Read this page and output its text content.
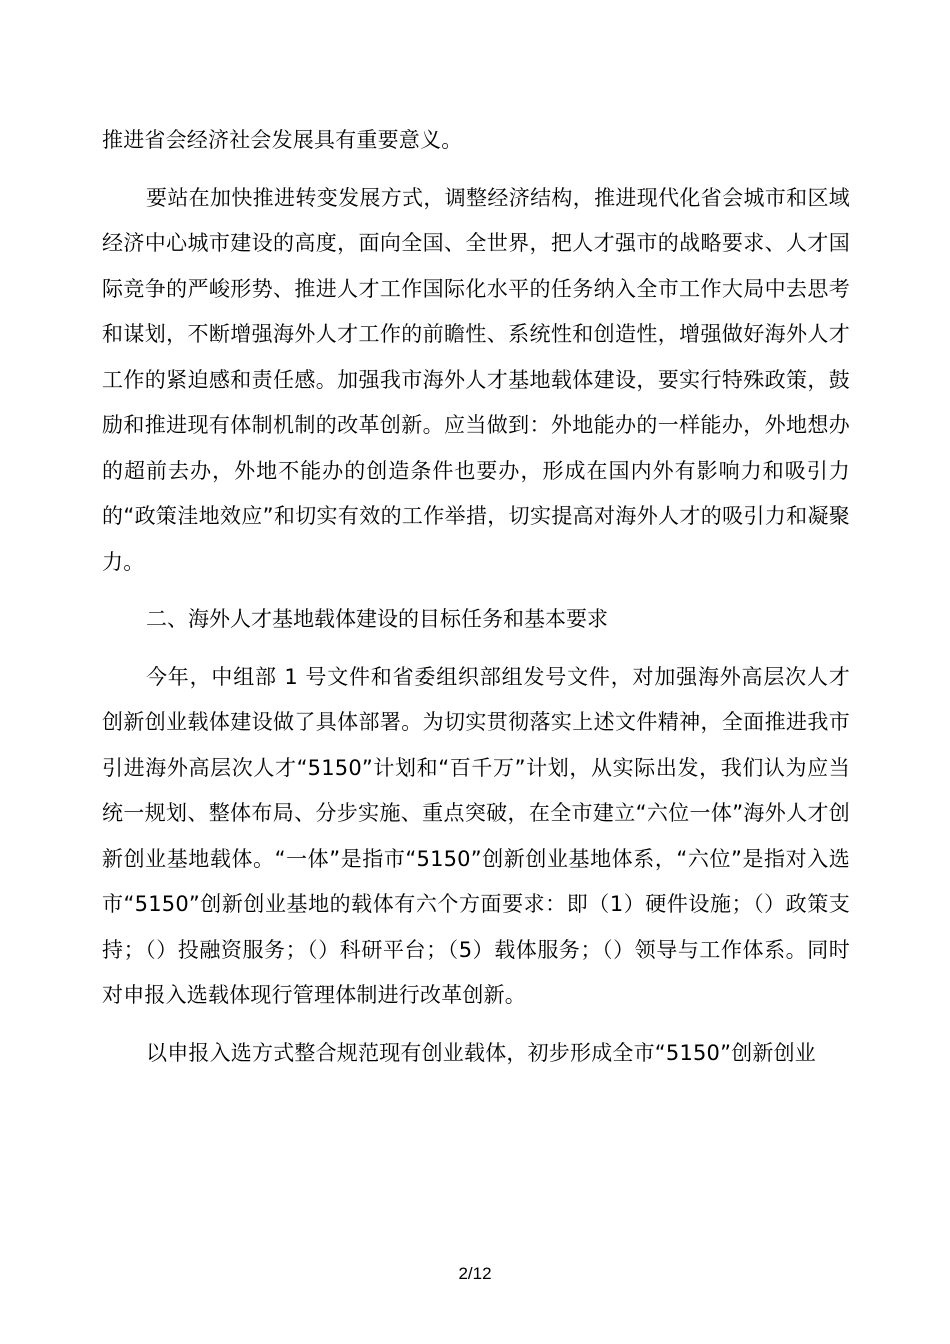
推进省会经济社会发展具有重要意义。

要站在加快推进转变发展方式，调整经济结构，推进现代化省会城市和区域经济中心城市建设的高度，面向全国、全世界，把人才强市的战略要求、人才国际竞争的严峻形势、推进人才工作国际化水平的任务纳入全市工作大局中去思考和谋划，不断增强海外人才工作的前瞻性、系统性和创造性，增强做好海外人才工作的紧迫感和责任感。加强我市海外人才基地载体建设，要实行特殊政策，鼓励和推进现有体制机制的改革创新。应当做到：外地能办的一样能办，外地想办的超前去办，外地不能办的创造条件也要办，形成在国内外有影响力和吸引力的“政策洼地效应”和切实有效的工作举措，切实提高对海外人才的吸引力和凝聚力。

二、海外人才基地载体建设的目标任务和基本要求

今年，中组部 1 号文件和省委组织部组发号文件，对加强海外高层次人才创新创业载体建设做了具体部署。为切实贯彻落实上述文件精神，全面推进我市引进海外高层次人才“5150”计划和“百千万”计划，从实际出发，我们认为应当统一规划、整体布局、分步实施、重点突破，在全市建立“六位一体”海外人才创新创业基地载体。“一体”是指市“5150”创新创业基地体系，“六位”是指对入选市“5150”创新创业基地的载体有六个方面要求：即（1）硬件设施；（）政策支持；（）投融资服务；（）科研平台；（5）载体服务；（）领导与工作体系。同时对申报入选载体现行管理体制进行改革创新。

以申报入选方式整合规范现有创业载体，初步形成全市“5150”创新创业

2/12
